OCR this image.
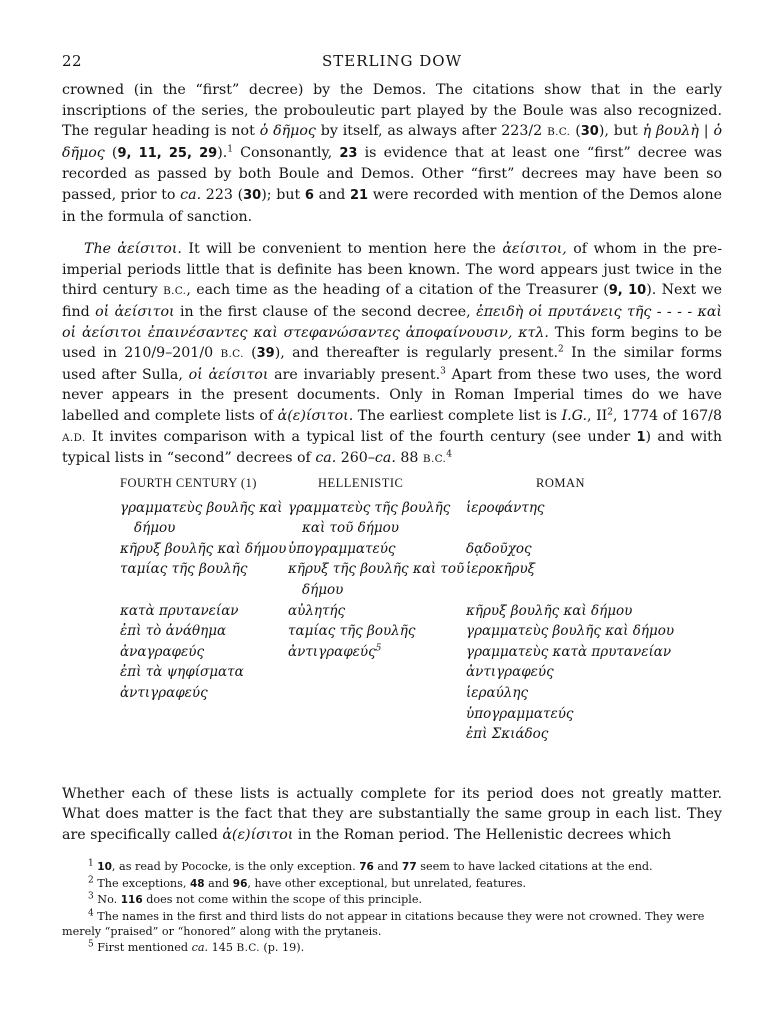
22	STERLING DOW

crowned (in the “first” decree) by the Demos. The citations show that in the early inscriptions of the series, the probouleutic part played by the Boule was also recognized. The regular heading is not ὁ δῆμος by itself, as always after 223/2 B.C. (30), but ἡ βουλὴ | ὁ δῆμος (9, 11, 25, 29).$^1$ Consonantly, 23 is evidence that at least one “first” decree was recorded as passed by both Boule and Demos. Other “first” decrees may have been so passed, prior to ca. 223 (30); but 6 and 21 were recorded with mention of the Demos alone in the formula of sanction.

The ἀείσιτοι. It will be convenient to mention here the ἀείσιτοι, of whom in the pre-imperial periods little that is definite has been known. The word appears just twice in the third century B.C., each time as the heading of a citation of the Treasurer (9, 10). Next we find οἱ ἀείσιτοι in the first clause of the second decree, ἐπειδὴ οἱ πρυτάνεις τῆς - - - - καὶ οἱ ἀείσιτοι ἐπαινέσαντες καὶ στεφανώσαντες ἀποφαίνουσιν, κτλ. This form begins to be used in 210/9–201/0 B.C. (39), and thereafter is regularly present.$^2$ In the similar forms used after Sulla, οἱ ἀείσιτοι are invariably present.$^3$ Apart from these two uses, the word never appears in the present documents. Only in Roman Imperial times do we have labelled and complete lists of ἀ(ε)ίσιτοι. The earliest complete list is I.G., $II^2$, 1774 of 167/8 A.D. It invites comparison with a typical list of the fourth century (see under 1) and with typical lists in “second” decrees of ca. 260–ca. 88 B.C.$^4$

FOURTH CENTURY (1)
γραμματεὺς βουλῆς καὶ δήμου
κῆρυξ βουλῆς καὶ δήμου
ταμίας τῆς βουλῆς
κατὰ πρυτανείαν
ἐπὶ τὸ ἀνάθημα
ἀναγραφεύς
ἐπὶ τὰ ψηφίσματα
ἀντιγραφεύς
HELLENISTIC
γραμματεὺς τῆς βουλῆς καὶ τοῦ δήμου
ὑπογραμματεύς
κῆρυξ τῆς βουλῆς καὶ τοῦ δήμου
αὐλητής
ταμίας τῆς βουλῆς
ἀντιγραφεύς$^5$
ROMAN
ἱεροφάντης
δᾳδοῦχος
ἱεροκῆρυξ
κῆρυξ βουλῆς καὶ δήμου
γραμματεὺς βουλῆς καὶ δήμου
γραμματεὺς κατὰ πρυτανείαν
ἀντιγραφεύς
ἱεραύλης
ὑπογραμματεύς
ἐπὶ Σκιάδος

Whether each of these lists is actually complete for its period does not greatly matter. What does matter is the fact that they are substantially the same group in each list. They are specifically called ἀ(ε)ίσιτοι in the Roman period. The Hellenistic decrees which

$^1$ 10, as read by Pococke, is the only exception. 76 and 77 seem to have lacked citations at the end.
$^2$ The exceptions, 48 and 96, have other exceptional, but unrelated, features.
$^3$ No. 116 does not come within the scope of this principle.
$^4$ The names in the first and third lists do not appear in citations because they were not crowned. They were merely “praised” or “honored” along with the prytaneis.
$^5$ First mentioned ca. 145 B.C. (p. 19).
